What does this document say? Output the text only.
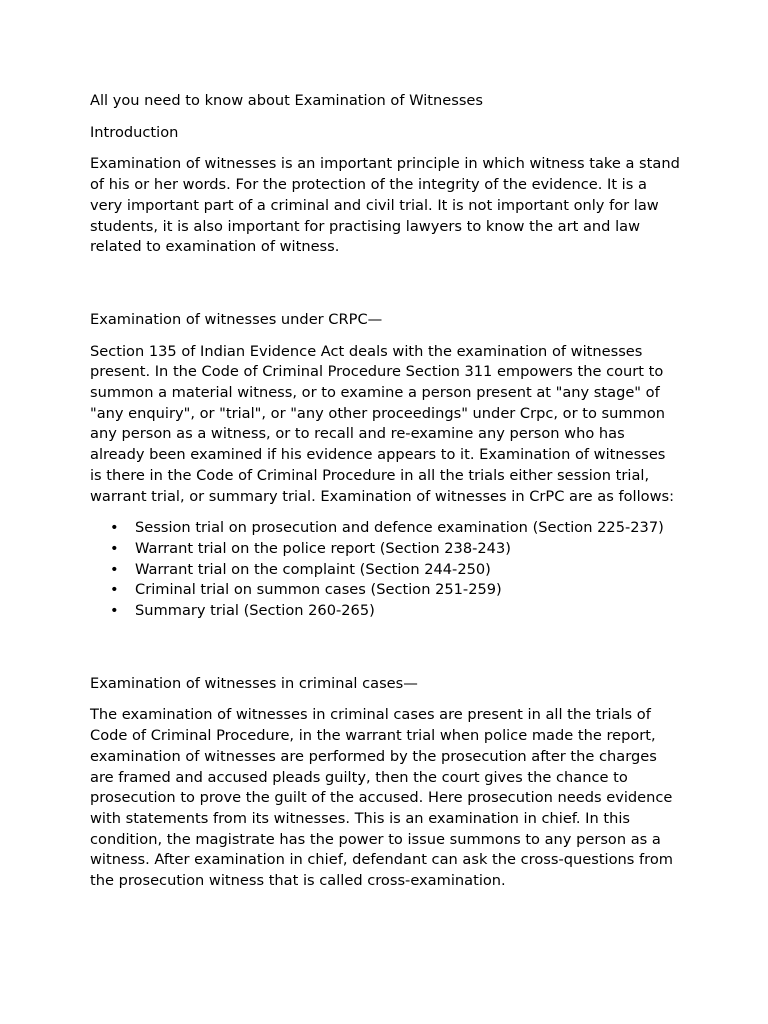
All you need to know about Examination of Witnesses

Introduction

Examination of witnesses is an important principle in which witness take a stand of his or her words. For the protection of the integrity of the evidence. It is a very important part of a criminal and civil trial. It is not important only for law students, it is also important for practising lawyers to know the art and law related to examination of witness.

Examination of witnesses under CRPC—

Section 135 of Indian Evidence Act deals with the examination of witnesses present. In the Code of Criminal Procedure Section 311 empowers the court to summon a material witness, or to examine a person present at "any stage" of "any enquiry", or "trial", or "any other proceedings" under Crpc, or to summon any person as a witness, or to recall and re-examine any person who has already been examined if his evidence appears to it. Examination of witnesses is there in the Code of Criminal Procedure in all the trials either session trial, warrant trial, or summary trial. Examination of witnesses in CrPC are as follows:

• Session trial on prosecution and defence examination (Section 225-237)
• Warrant trial on the police report (Section 238-243)
• Warrant trial on the complaint (Section 244-250)
• Criminal trial on summon cases (Section 251-259)
• Summary trial (Section 260-265)

Examination of witnesses in criminal cases—

The examination of witnesses in criminal cases are present in all the trials of Code of Criminal Procedure, in the warrant trial when police made the report, examination of witnesses are performed by the prosecution after the charges are framed and accused pleads guilty, then the court gives the chance to prosecution to prove the guilt of the accused. Here prosecution needs evidence with statements from its witnesses. This is an examination in chief. In this condition, the magistrate has the power to issue summons to any person as a witness. After examination in chief, defendant can ask the cross-questions from the prosecution witness that is called cross-examination.
